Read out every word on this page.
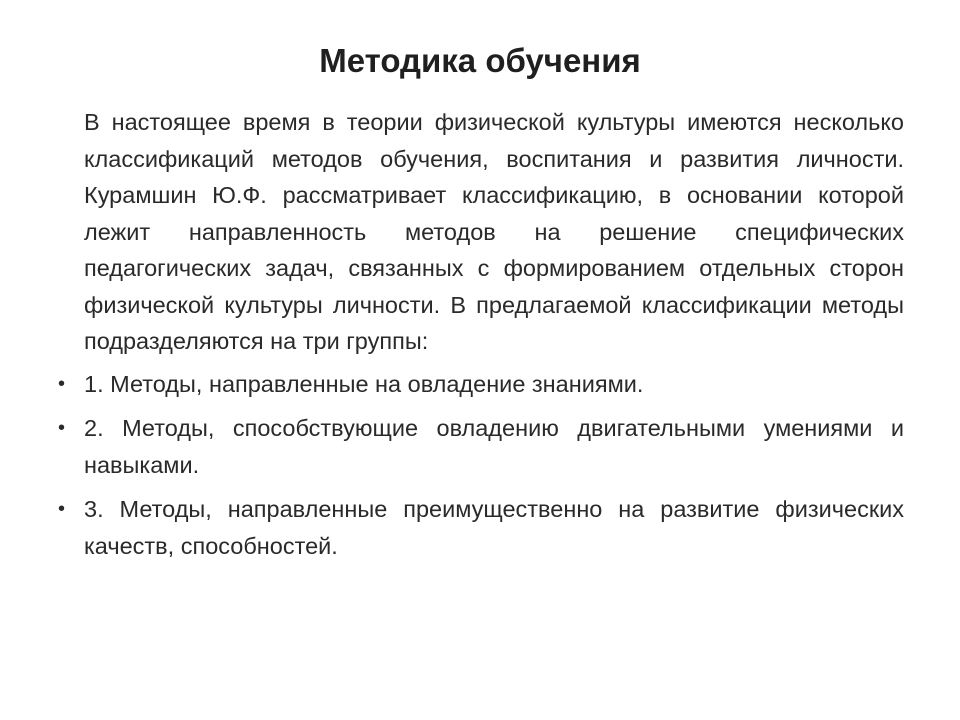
Методика обучения

В настоящее время в теории физической культуры имеются несколько классификаций методов обучения, воспитания и развития личности. Курамшин Ю.Ф. рассматривает классификацию, в основании которой лежит направленность методов на решение специфических педагогических задач, связанных с формированием отдельных сторон физической культуры личности. В предлагаемой классификации методы подразделяются на три группы:

• 1. Методы, направленные на овладение знаниями.
• 2. Методы, способствующие овладению двигательными умениями и навыками.
• 3. Методы, направленные преимущественно на развитие физических качеств, способностей.
